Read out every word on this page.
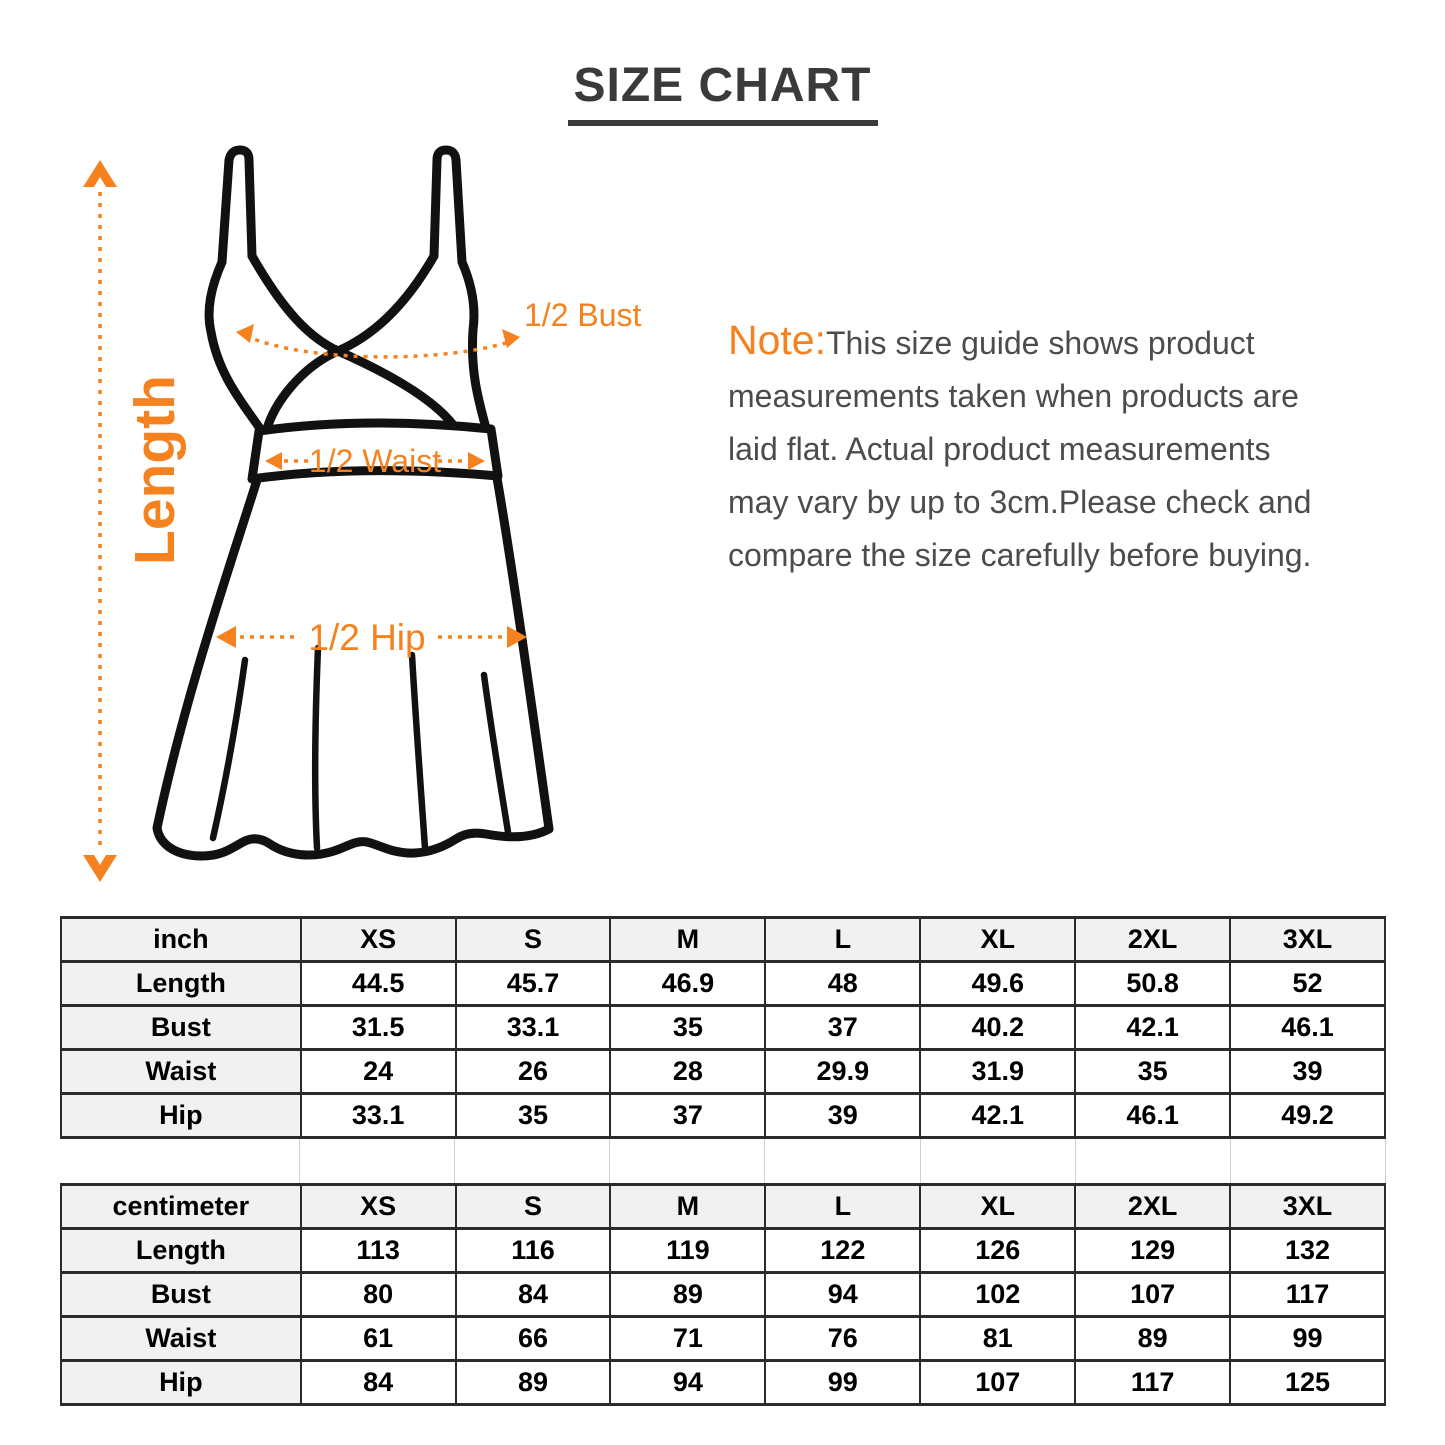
SIZE CHART
Length
1/2 Bust
1/2 Waist
1/2 Hip
Note:This size guide shows product
measurements taken when products are
laid flat. Actual product measurements
may vary by up to 3cm.Please check and
compare the size carefully before buying.
inch	XS	S	M	L	XL	2XL	3XL
Length	44.5	45.7	46.9	48	49.6	50.8	52
Bust	31.5	33.1	35	37	40.2	42.1	46.1
Waist	24	26	28	29.9	31.9	35	39
Hip	33.1	35	37	39	42.1	46.1	49.2
centimeter	XS	S	M	L	XL	2XL	3XL
Length	113	116	119	122	126	129	132
Bust	80	84	89	94	102	107	117
Waist	61	66	71	76	81	89	99
Hip	84	89	94	99	107	117	125
